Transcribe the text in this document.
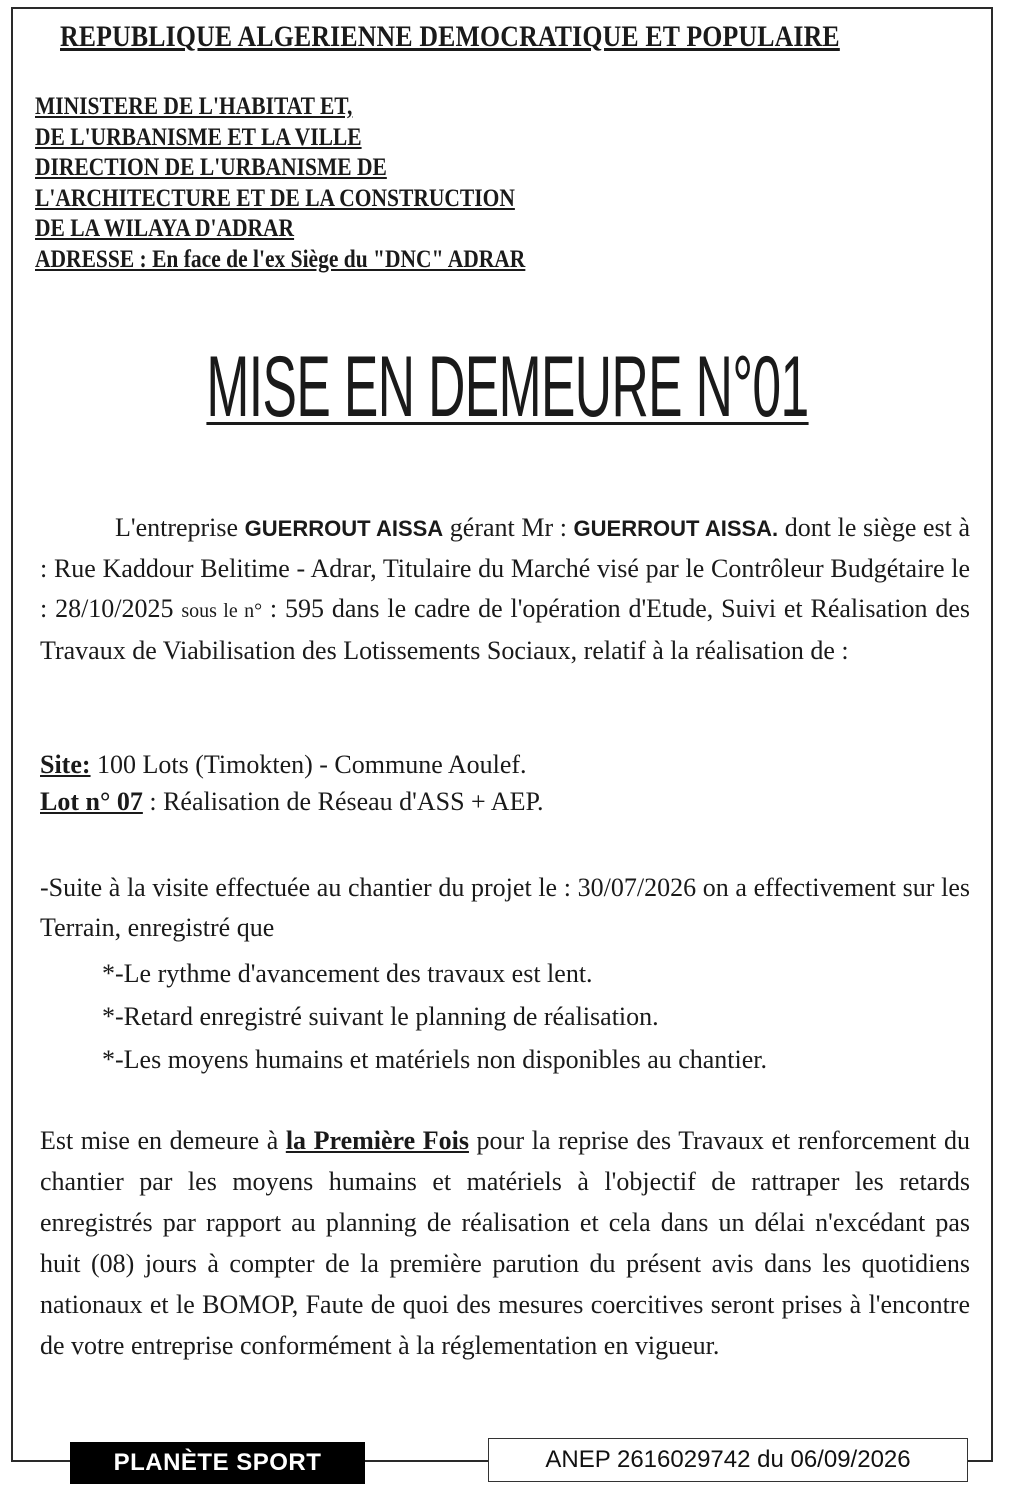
REPUBLIQUE ALGERIENNE DEMOCRATIQUE ET POPULAIRE
MINISTERE DE L'HABITAT ET,
DE L'URBANISME ET LA VILLE
DIRECTION DE L'URBANISME DE
L'ARCHITECTURE ET DE LA CONSTRUCTION
DE LA WILAYA D'ADRAR
ADRESSE : En face de l'ex Siège du "DNC" ADRAR
MISE EN DEMEURE N°01
L'entreprise GUERROUT AISSA gérant Mr : GUERROUT AISSA. dont le siège est à : Rue Kaddour Belitime - Adrar, Titulaire du Marché visé par le Contrôleur Budgétaire le : 28/10/2025 sous le n° : 595 dans le cadre de l'opération d'Etude, Suivi et Réalisation des Travaux de Viabilisation des Lotissements Sociaux, relatif à la réalisation de :
Site: 100 Lots (Timokten) - Commune Aoulef.
Lot n° 07 : Réalisation de Réseau d'ASS + AEP.
-Suite à la visite effectuée au chantier du projet le : 30/07/2026 on a effectivement sur les Terrain, enregistré que
*-Le rythme d'avancement des travaux est lent.
*-Retard enregistré suivant le planning de réalisation.
*-Les moyens humains et matériels non disponibles au chantier.
Est mise en demeure à la Première Fois pour la reprise des Travaux et renforcement du chantier par les moyens humains et matériels à l'objectif de rattraper les retards enregistrés par rapport au planning de réalisation et cela dans un délai n'excédant pas huit (08) jours à compter de la première parution du présent avis dans les quotidiens nationaux et le BOMOP, Faute de quoi des mesures coercitives seront prises à l'encontre de votre entreprise conformément à la réglementation en vigueur.
PLANÈTE SPORT	ANEP 2616029742 du 06/09/2026
